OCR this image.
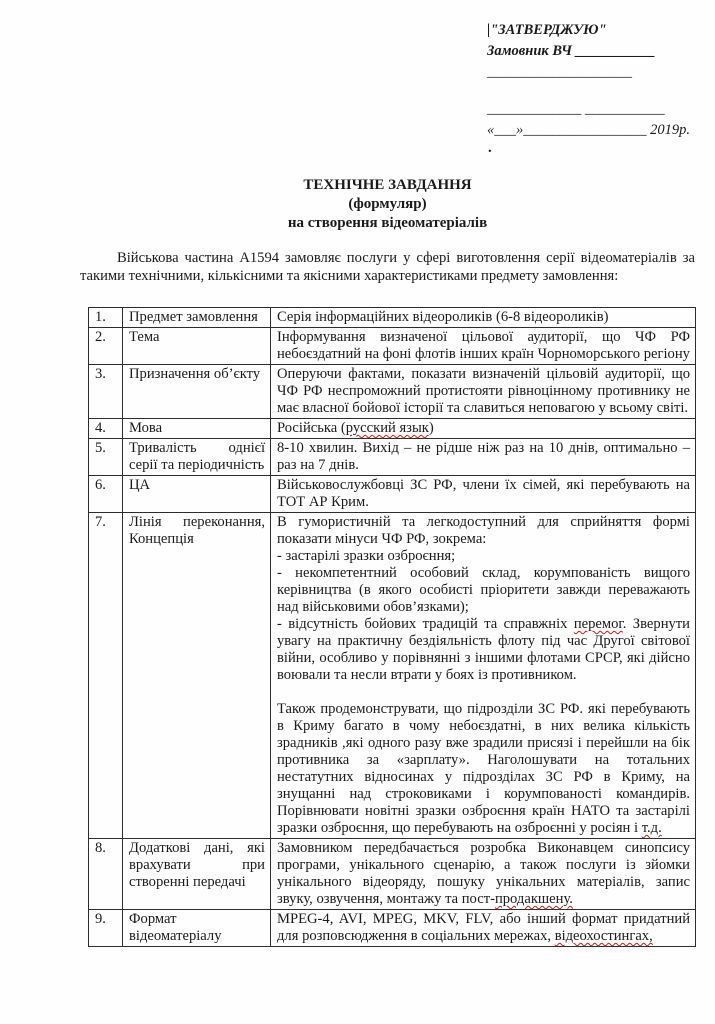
|"ЗАТВЕРДЖУЮ"
Замовник ВЧ ___________
____________________
_____________ ___________
«___»_________________ 2019р.
.
ТЕХНІЧНЕ ЗАВДАННЯ
(формуляр)
на створення відеоматеріалів
Військова частина А1594 замовляє послуги у сфері виготовлення серії відеоматеріалів за такими технічними, кількісними та якісними характеристиками предмету замовлення:
1.	Предмет замовлення	Серія інформаційних відеороликів (6-8 відеороликів)

2.	Тема	Інформування визначеної цільової аудиторії, що ЧФ РФ небоєздатний на фоні флотів інших країн Чорноморського регіону

3.	Призначення об’єкту	Оперуючи фактами, показати визначеній цільовій аудиторії, що ЧФ РФ неспроможний протистояти рівноцінному противнику не має власної бойової історії та славиться неповагою у всьому світі.

4.	Мова	Російська (русский язык)

5.	Тривалість однієї серії та періодичність	8-10 хвилин. Вихід – не рідше ніж раз на 10 днів, оптимально – раз на 7 днів.

6.	ЦА	Військовослужбовці ЗС РФ, члени їх сімей, які перебувають на ТОТ АР Крим.

7.	Лінія переконання, Концепція	В гумористичній та легкодоступний для сприйняття формі показати мінуси ЧФ РФ, зокрема:

- застарілі зразки озброєння;

- некомпетентний особовий склад, корумпованість вищого керівництва (в якого особисті пріоритети завжди переважають над військовими обов’язками);

- відсутність бойових традицій та справжніх перемог. Звернути увагу на практичну бездіяльність флоту під час Другої світової війни, особливо у порівнянні з іншими флотами СРСР, які дійсно воювали та несли втрати у боях із противником.

Також продемонструвати, що підрозділи ЗС РФ. які перебувають в Криму багато в чому небоєздатні, в них велика кількість зрадників ,які одного разу вже зрадили присязі і перейшли на бік противника за «зарплату». Наголошувати на тотальних нестатутних відносинах у підрозділах ЗС РФ в Криму, на знущанні над строковиками і корумпованості командирів. Порівнювати новітні зразки озброєння країн НАТО та застарілі зразки озброєння, що перебувають на озброєнні у росіян і т.д.

8.	Додаткові дані, які врахувати при створенні передачі	Замовником передбачається розробка Виконавцем синопсису програми, унікального сценарію, а також послуги із зйомки унікального відеоряду, пошуку унікальних матеріалів, запис звуку, озвучення, монтажу та пост-продакшену.

9.	Формат відеоматеріалу	MPEG-4, AVI, MPEG, MKV, FLV, або інший формат придатний для розповсюдження в соціальних мережах, відеохостингах,
